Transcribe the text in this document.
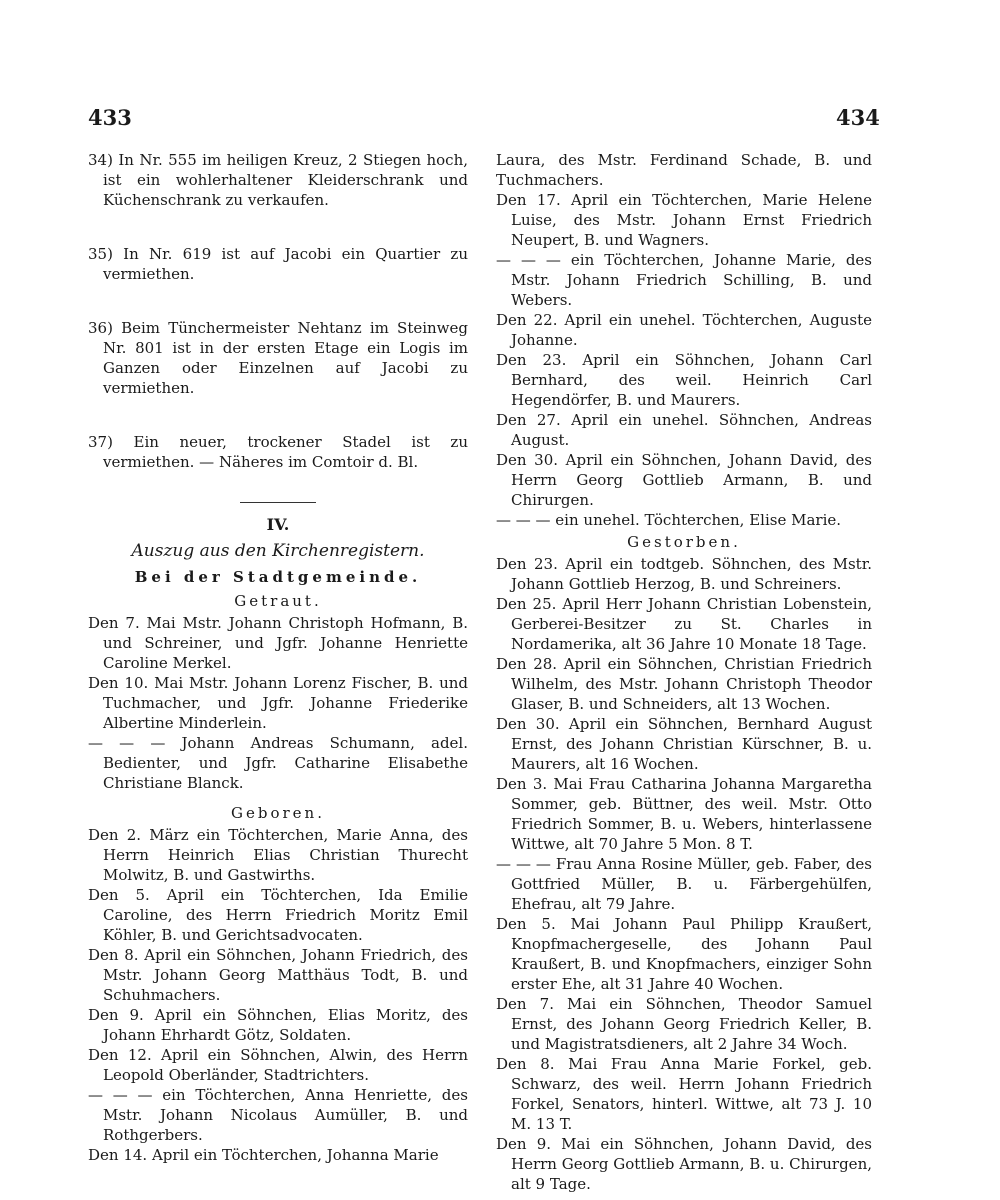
433	434

34) In Nr. 555 im heiligen Kreuz, 2 Stiegen hoch, ist ein wohlerhaltener Kleiderschrank und Küchenschrank zu verkaufen.

35) In Nr. 619 ist auf Jacobi ein Quartier zu vermiethen.

36) Beim Tünchermeister Nehtanz im Steinweg Nr. 801 ist in der ersten Etage ein Logis im Ganzen oder Einzelnen auf Jacobi zu vermiethen.

37) Ein neuer, trockener Stadel ist zu vermiethen. — Näheres im Comtoir d. Bl.

IV.
Auszug aus den Kirchenregistern.
Bei der Stadtgemeinde.
Getraut.

Den 7. Mai Mstr. Johann Christoph Hofmann, B. und Schreiner, und Jgfr. Johanne Henriette Caroline Merkel.

Den 10. Mai Mstr. Johann Lorenz Fischer, B. und Tuchmacher, und Jgfr. Johanne Friederike Albertine Minderlein.

— — — Johann Andreas Schumann, adel. Bedienter, und Jgfr. Catharine Elisabethe Christiane Blanck.

Geboren.

Den 2. März ein Töchterchen, Marie Anna, des Herrn Heinrich Elias Christian Thurecht Molwitz, B. und Gastwirths.

Den 5. April ein Töchterchen, Ida Emilie Caroline, des Herrn Friedrich Moritz Emil Köhler, B. und Gerichtsadvocaten.

Den 8. April ein Söhnchen, Johann Friedrich, des Mstr. Johann Georg Matthäus Todt, B. und Schuhmachers.

Den 9. April ein Söhnchen, Elias Moritz, des Johann Ehrhardt Götz, Soldaten.

Den 12. April ein Söhnchen, Alwin, des Herrn Leopold Oberländer, Stadtrichters.

— — — ein Töchterchen, Anna Henriette, des Mstr. Johann Nicolaus Aumüller, B. und Rothgerbers.

Den 14. April ein Töchterchen, Johanna Marie

Laura, des Mstr. Ferdinand Schade, B. und Tuchmachers.

Den 17. April ein Töchterchen, Marie Helene Luise, des Mstr. Johann Ernst Friedrich Neupert, B. und Wagners.

— — — ein Töchterchen, Johanne Marie, des Mstr. Johann Friedrich Schilling, B. und Webers.

Den 22. April ein unehel. Töchterchen, Auguste Johanne.

Den 23. April ein Söhnchen, Johann Carl Bernhard, des weil. Heinrich Carl Hegendörfer, B. und Maurers.

Den 27. April ein unehel. Söhnchen, Andreas August.

Den 30. April ein Söhnchen, Johann David, des Herrn Georg Gottlieb Armann, B. und Chirurgen.

— — — ein unehel. Töchterchen, Elise Marie.

Gestorben.

Den 23. April ein todtgeb. Söhnchen, des Mstr. Johann Gottlieb Herzog, B. und Schreiners.

Den 25. April Herr Johann Christian Lobenstein, Gerberei-Besitzer zu St. Charles in Nordamerika, alt 36 Jahre 10 Monate 18 Tage.

Den 28. April ein Söhnchen, Christian Friedrich Wilhelm, des Mstr. Johann Christoph Theodor Glaser, B. und Schneiders, alt 13 Wochen.

Den 30. April ein Söhnchen, Bernhard August Ernst, des Johann Christian Kürschner, B. u. Maurers, alt 16 Wochen.

Den 3. Mai Frau Catharina Johanna Margaretha Sommer, geb. Büttner, des weil. Mstr. Otto Friedrich Sommer, B. u. Webers, hinterlassene Wittwe, alt 70 Jahre 5 Mon. 8 T.

— — — Frau Anna Rosine Müller, geb. Faber, des Gottfried Müller, B. u. Färbergehülfen, Ehefrau, alt 79 Jahre.

Den 5. Mai Johann Paul Philipp Kraußert, Knopfmachergeselle, des Johann Paul Kraußert, B. und Knopfmachers, einziger Sohn erster Ehe, alt 31 Jahre 40 Wochen.

Den 7. Mai ein Söhnchen, Theodor Samuel Ernst, des Johann Georg Friedrich Keller, B. und Magistratsdieners, alt 2 Jahre 34 Woch.

Den 8. Mai Frau Anna Marie Forkel, geb. Schwarz, des weil. Herrn Johann Friedrich Forkel, Senators, hinterl. Wittwe, alt 73 J. 10 M. 13 T.

Den 9. Mai ein Söhnchen, Johann David, des Herrn Georg Gottlieb Armann, B. u. Chirurgen, alt 9 Tage.
